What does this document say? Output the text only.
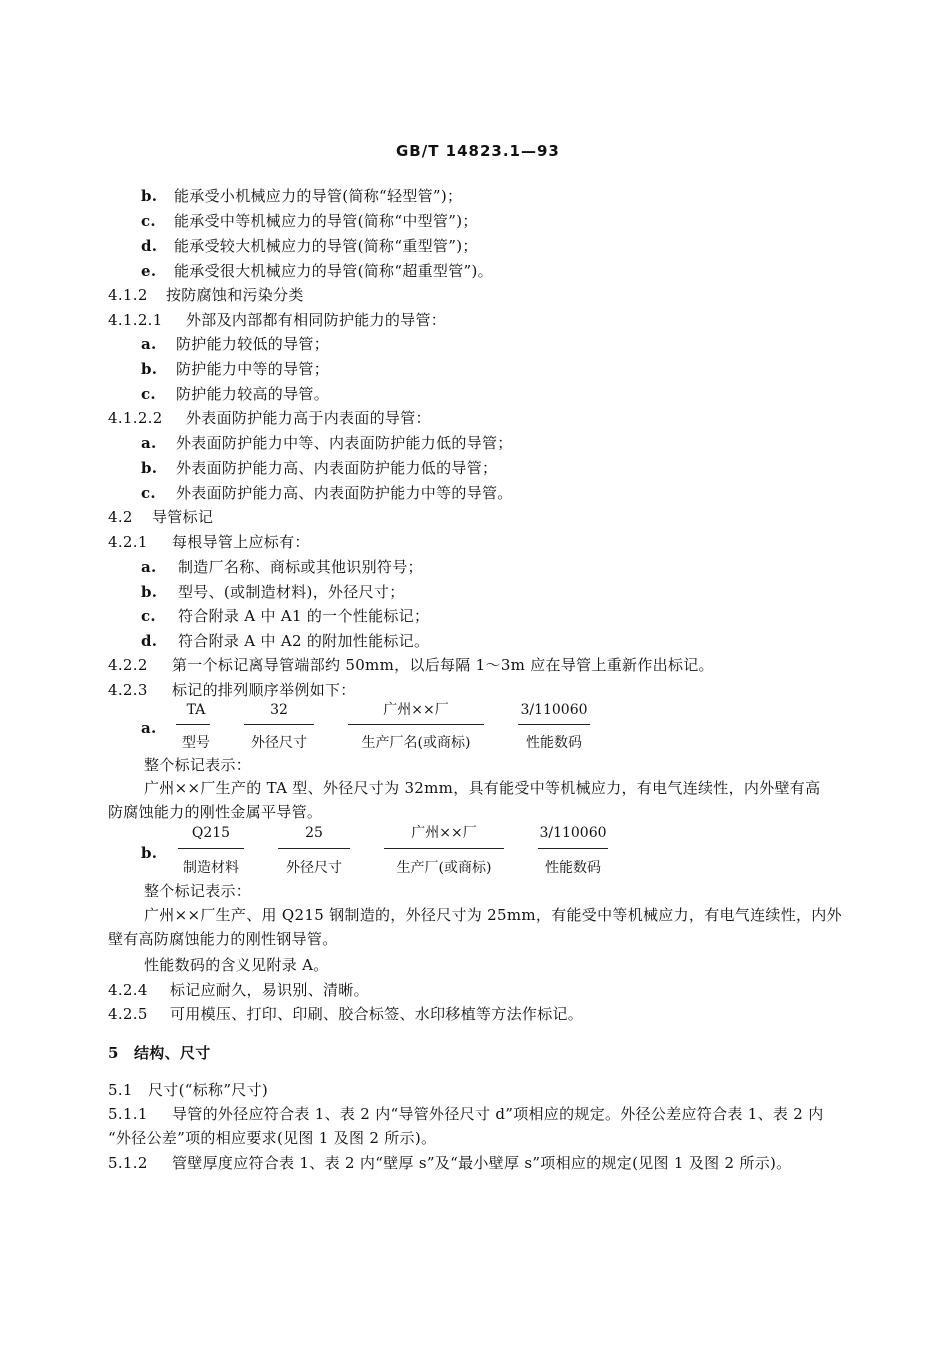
GB/T 14823.1—93
b. 能承受小机械应力的导管(简称“轻型管”)；
c. 能承受中等机械应力的导管(简称“中型管”)；
d. 能承受较大机械应力的导管(简称“重型管”)；
e. 能承受很大机械应力的导管(简称“超重型管”)。
4.1.2 按防腐蚀和污染分类
4.1.2.1 外部及内部都有相同防护能力的导管：
a. 防护能力较低的导管；
b. 防护能力中等的导管；
c. 防护能力较高的导管。
4.1.2.2 外表面防护能力高于内表面的导管：
a. 外表面防护能力中等、内表面防护能力低的导管；
b. 外表面防护能力高、内表面防护能力低的导管；
c. 外表面防护能力高、内表面防护能力中等的导管。
4.2 导管标记
4.2.1 每根导管上应标有：
a. 制造厂名称、商标或其他识别符号；
b. 型号、(或制造材料)，外径尺寸；
c. 符合附录 A 中 A1 的一个性能标记；
d. 符合附录 A 中 A2 的附加性能标记。
4.2.2 第一个标记离导管端部约 50mm，以后每隔 1～3m 应在导管上重新作出标记。
4.2.3 标记的排列顺序举例如下：
a.
TA	32	广州××厂	3/110060
型号	外径尺寸	生产厂名(或商标)	性能数码
整个标记表示：
广州××厂生产的 TA 型、外径尺寸为 32mm，具有能受中等机械应力，有电气连续性，内外壁有高
防腐蚀能力的刚性金属平导管。
b.
Q215	25	广州××厂	3/110060
制造材料	外径尺寸	生产厂(或商标)	性能数码
整个标记表示：
广州××厂生产、用 Q215 钢制造的，外径尺寸为 25mm，有能受中等机械应力，有电气连续性，内外
壁有高防腐蚀能力的刚性钢导管。
性能数码的含义见附录 A。
4.2.4 标记应耐久，易识别、清晰。
4.2.5 可用模压、打印、印刷、胶合标签、水印移植等方法作标记。
5 结构、尺寸
5.1 尺寸(“标称”尺寸)
5.1.1 导管的外径应符合表 1、表 2 内“导管外径尺寸 d”项相应的规定。外径公差应符合表 1、表 2 内
“外径公差”项的相应要求(见图 1 及图 2 所示)。
5.1.2 管壁厚度应符合表 1、表 2 内“壁厚 s”及“最小壁厚 s”项相应的规定(见图 1 及图 2 所示)。
